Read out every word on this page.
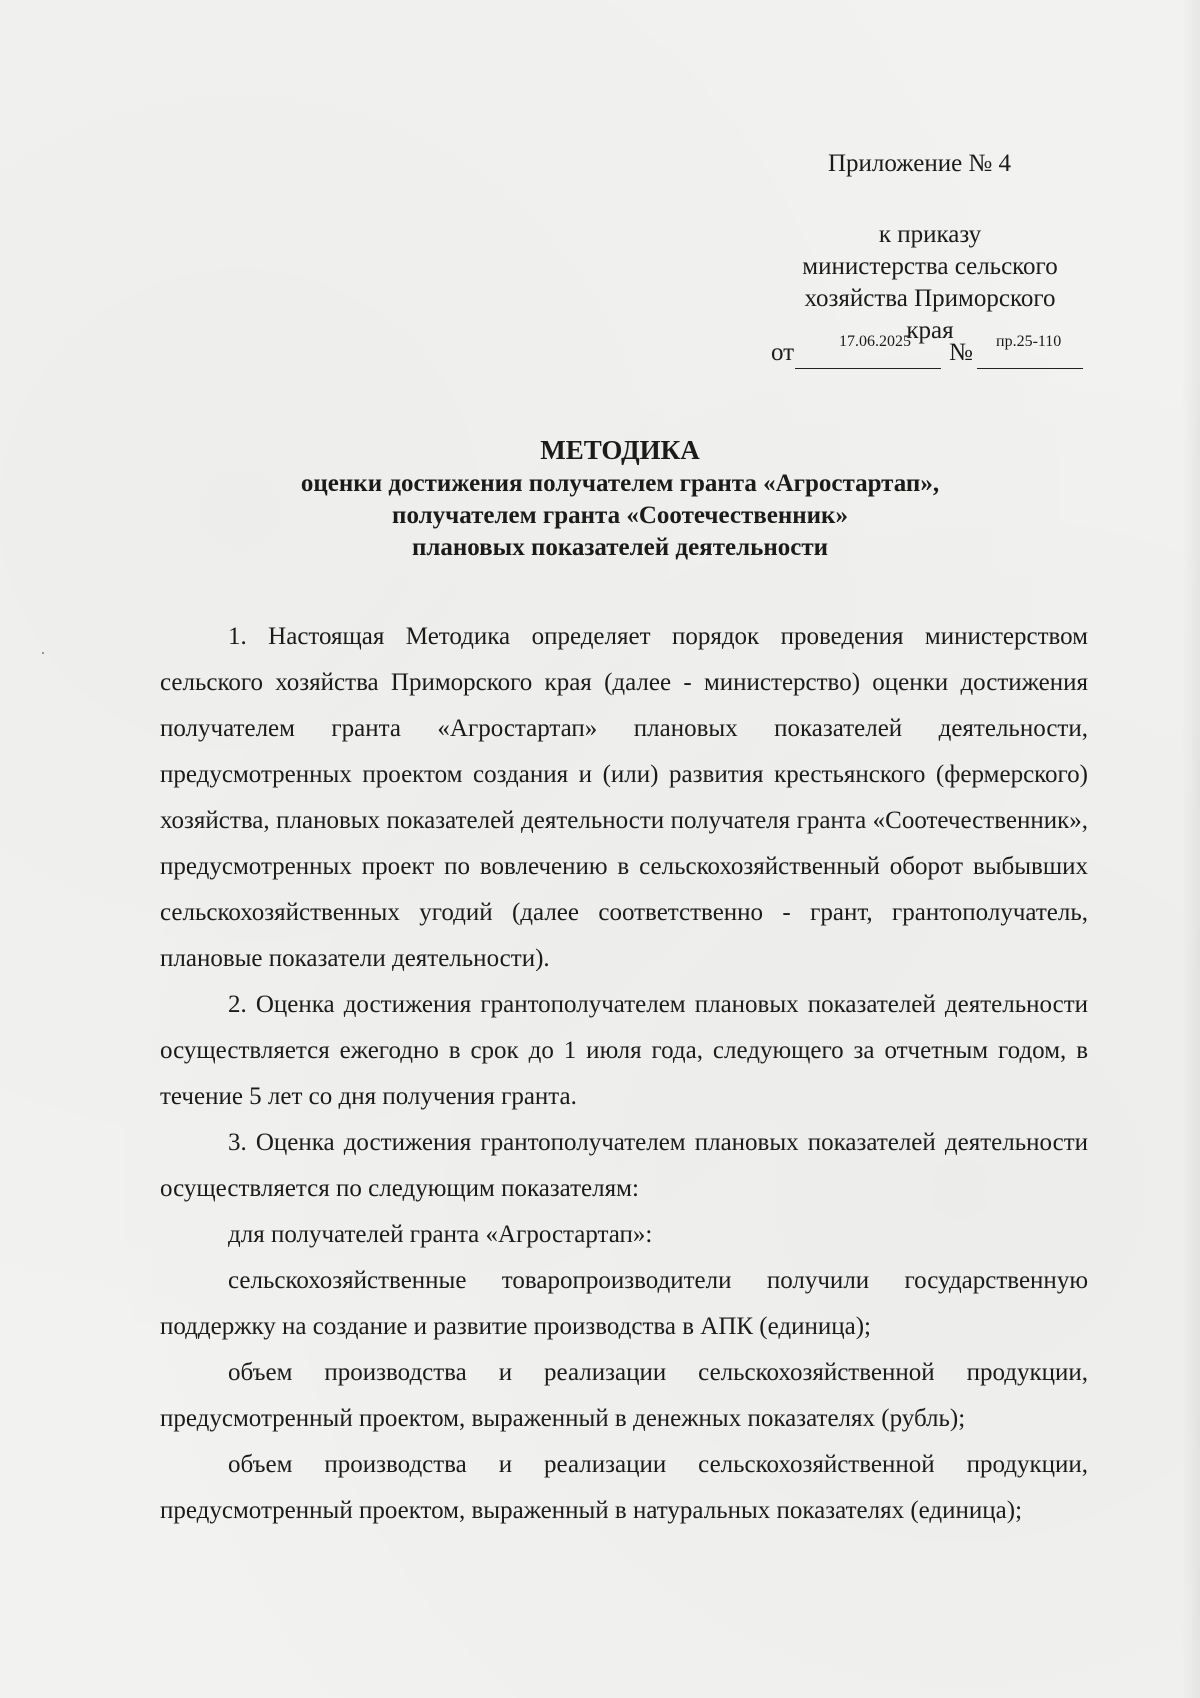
Приложение № 4
к приказу
министерства сельского
хозяйства Приморского
края
от	17.06.2025 № пр.25-110
МЕТОДИКА
оценки достижения получателем гранта «Агростартап»,
получателем гранта «Соотечественник»
плановых показателей деятельности

1. Настоящая Методика определяет порядок проведения министерством сельского хозяйства Приморского края (далее - министерство) оценки достижения получателем гранта «Агростартап» плановых показателей деятельности, предусмотренных проектом создания и (или) развития крестьянского (фермерского) хозяйства, плановых показателей деятельности получателя гранта «Соотечественник», предусмотренных проект по вовлечению в сельскохозяйственный оборот выбывших сельскохозяйственных угодий (далее соответственно - грант, грантополучатель, плановые показатели деятельности).

2. Оценка достижения грантополучателем плановых показателей деятельности осуществляется ежегодно в срок до 1 июля года, следующего за отчетным годом, в течение 5 лет со дня получения гранта.

3. Оценка достижения грантополучателем плановых показателей деятельности осуществляется по следующим показателям:

для получателей гранта «Агростартап»:

сельскохозяйственные товаропроизводители получили государственную поддержку на создание и развитие производства в АПК (единица);

объем производства и реализации сельскохозяйственной продукции, предусмотренный проектом, выраженный в денежных показателях (рубль);

объем производства и реализации сельскохозяйственной продукции, предусмотренный проектом, выраженный в натуральных показателях (единица);
